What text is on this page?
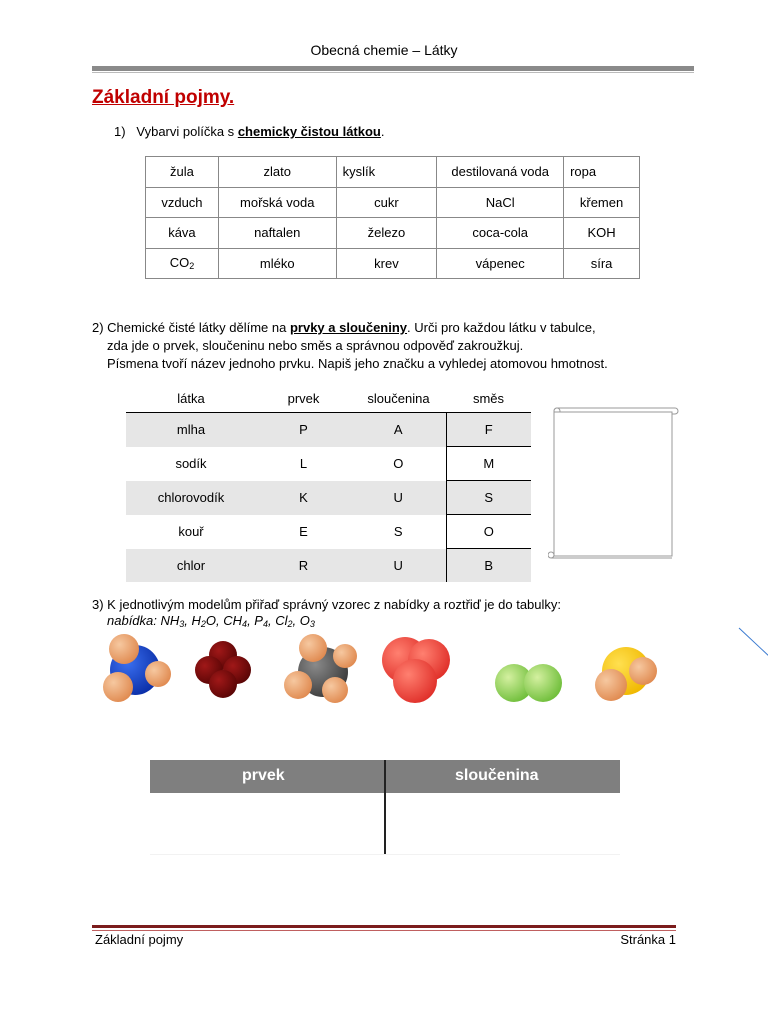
Obecná chemie – Látky
Základní pojmy.
1) Vybarvi políčka s chemicky čistou látkou.
žula	zlato	kyslík	destilovaná voda	ropa
vzduch	mořská voda	cukr	NaCl	křemen
káva	naftalen	železo	coca-cola	KOH
$CO_2$	mléko	krev	vápenec	síra
2) Chemické čisté látky dělíme na prvky a sloučeniny. Urči pro každou látku v tabulce,
zda jde o prvek, sloučeninu nebo směs a správnou odpověď zakroužkuj.
Písmena tvoří název jednoho prvku. Napiš jeho značku a vyhledej atomovou hmotnost.
látka	prvek	sloučenina	směs
mlha	P	A	F
sodík	L	O	M
chlorovodík	K	U	S
kouř	E	S	O
chlor	R	U	B
3) K jednotlivým modelům přiřaď správný vzorec z nabídky a roztřiď je do tabulky:
nabídka: $NH_3$, $H_2O$, $CH_4$, $P_4$, $Cl_2$, $O_3$
prvek	sloučenina
Základní pojmy	Stránka 1
